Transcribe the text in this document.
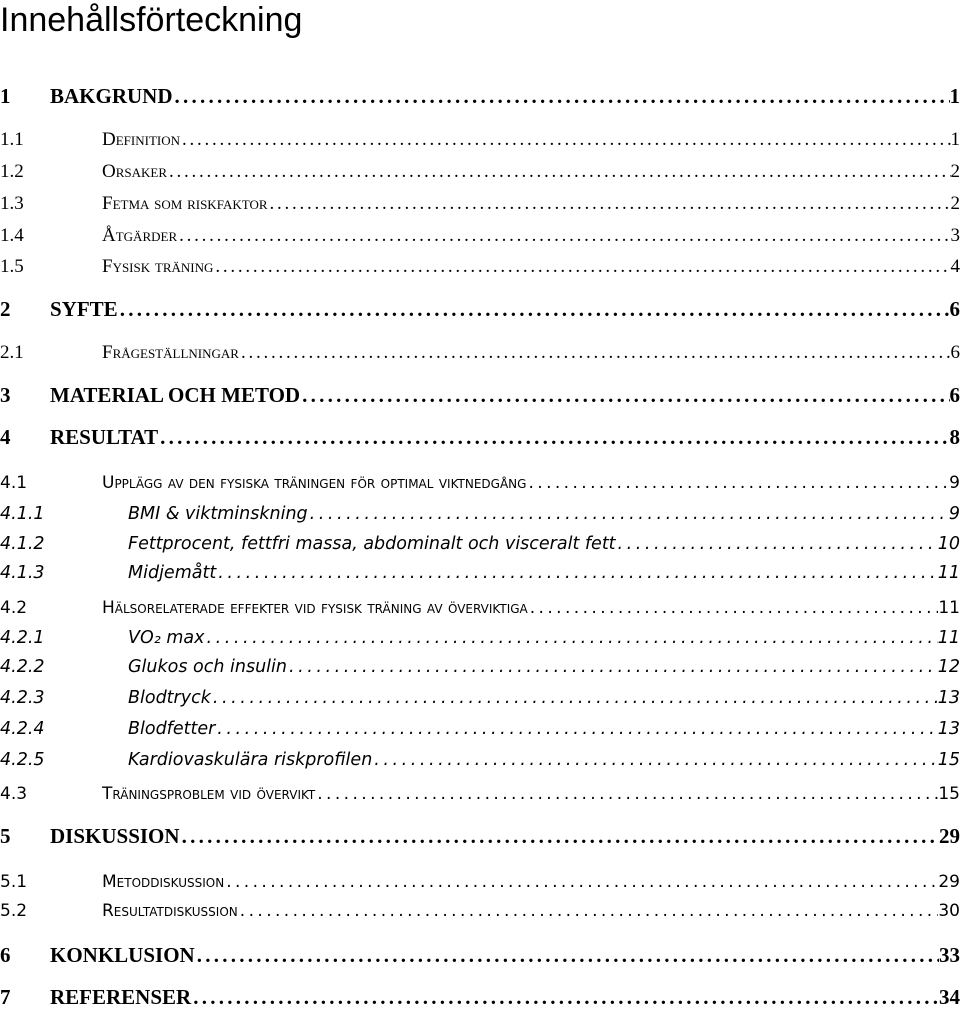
Innehållsförteckning
1	BAKGRUND . . .	1
1.1	Definition . . .	1
1.2	Orsaker . . .	2
1.3	Fetma som riskfaktor . . .	2
1.4	Åtgärder . . .	3
1.5	Fysisk träning . . .	4
2	SYFTE . . .	6
2.1	Frågeställningar . . .	6
3	MATERIAL OCH METOD . . .	6
4	RESULTAT . . .	8
4.1	Upplägg av den fysiska träningen för optimal viktnedgång . . .	9
4.1.1	BMI & viktminskning . . .	9
4.1.2	Fettprocent, fettfri massa, abdominalt och visceralt fett . . .	10
4.1.3	Midjemått . . .	11
4.2	Hälsorelaterade effekter vid fysisk träning av överviktiga . . .	11
4.2.1	VO₂ max . . .	11
4.2.2	Glukos och insulin . . .	12
4.2.3	Blodtryck . . .	13
4.2.4	Blodfetter . . .	13
4.2.5	Kardiovaskulära riskprofilen . . .	15
4.3	Träningsproblem vid övervikt . . .	15
5	DISKUSSION . . .	29
5.1	Metoddiskussion . . .	29
5.2	Resultatdiskussion . . .	30
6	KONKLUSION . . .	33
7	REFERENSER . . .	34
